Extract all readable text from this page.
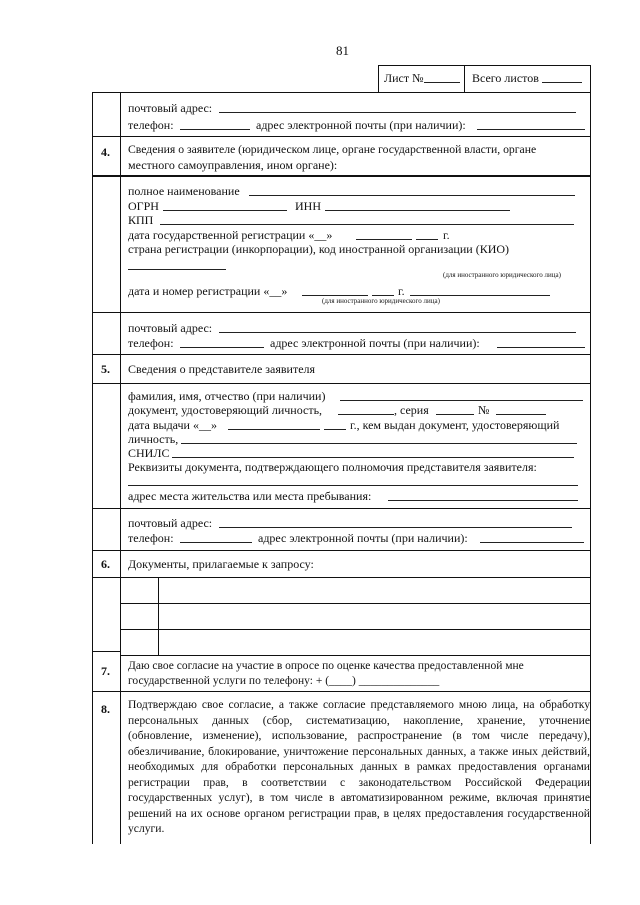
81
Лист №	Всего листов
почтовый адрес:
телефон:	адрес электронной почты (при наличии):
4. Сведения о заявителе (юридическом лице, органе государственной власти, органе
местного самоуправления, ином органе):
полное наименование
ОГРН	ИНН
КПП
дата государственной регистрации «__»	г.
страна регистрации (инкорпорации), код иностранной организации (КИО)
(для иностранного юридического лица)
дата и номер регистрации «__»	г.
(для иностранного юридического лица)
почтовый адрес:
телефон:	адрес электронной почты (при наличии):
5. Сведения о представителе заявителя
фамилия, имя, отчество (при наличии)
документ, удостоверяющий личность,	, серия	№
дата выдачи «__»	г., кем выдан документ, удостоверяющий
личность,
СНИЛС
Реквизиты документа, подтверждающего полномочия представителя заявителя:
адрес места жительства или места пребывания:
почтовый адрес:
телефон:	адрес электронной почты (при наличии):
6. Документы, прилагаемые к запросу:
7. Даю свое согласие на участие в опросе по оценке качества предоставленной мне
государственной услуги по телефону: + (____) ______________
8. Подтверждаю свое согласие, а также согласие представляемого мною лица, на обработку
персональных данных (сбор, систематизацию, накопление, хранение, уточнение
(обновление, изменение), использование, распространение (в том числе передачу),
обезличивание, блокирование, уничтожение персональных данных, а также иных действий,
необходимых для обработки персональных данных в рамках предоставления органами
регистрации прав, в соответствии с законодательством Российской Федерации
государственных услуг), в том числе в автоматизированном режиме, включая принятие
решений на их основе органом регистрации прав, в целях предоставления государственной
услуги.
